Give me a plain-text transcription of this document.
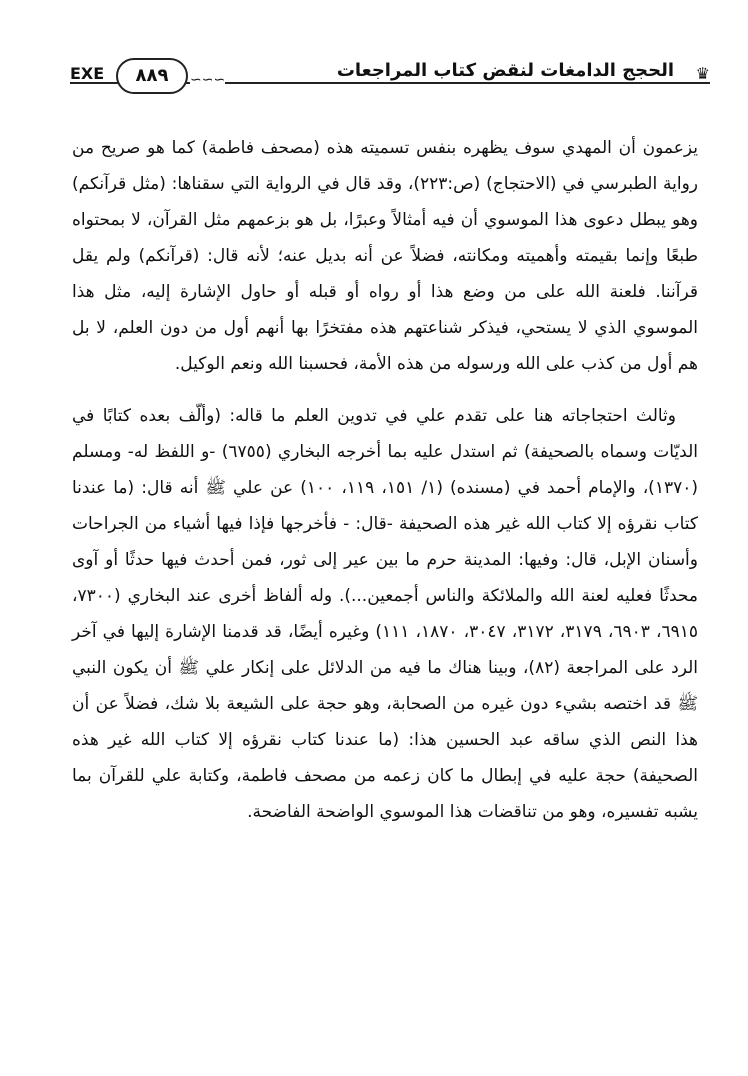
♛
الحجج الدامغات لنقض كتاب المراجعات
∽∽∽
٨٨٩
EXE

يزعمون أن المهدي سوف يظهره بنفس تسميته هذه (مصحف فاطمة) كما هو صريح من رواية الطبرسي في (الاحتجاج) (ص:٢٢٣)، وقد قال في الرواية التي سقناها: (مثل قرآنكم) وهو يبطل دعوى هذا الموسوي أن فيه أمثالاً وعبرًا، بل هو بزعمهم مثل القرآن، لا بمحتواه طبعًا وإنما بقيمته وأهميته ومكانته، فضلاً عن أنه بديل عنه؛ لأنه قال: (قرآنكم) ولم يقل قرآننا. فلعنة الله على من وضع هذا أو رواه أو قبله أو حاول الإشارة إليه، مثل هذا الموسوي الذي لا يستحي، فيذكر شناعتهم هذه مفتخرًا بها أنهم أول من دون العلم، لا بل هم أول من كذب على الله ورسوله من هذه الأمة، فحسبنا الله ونعم الوكيل.

وثالث احتجاجاته هنا على تقدم علي في تدوين العلم ما قاله: (وألّف بعده كتابًا في الديّات وسماه بالصحيفة) ثم استدل عليه بما أخرجه البخاري (٦٧٥٥) -و اللفظ له- ومسلم (١٣٧٠)، والإمام أحمد في (مسنده) (١/ ١٥١، ١١٩، ١٠٠) عن علي ﷺ أنه قال: (ما عندنا كتاب نقرؤه إلا كتاب الله غير هذه الصحيفة -قال: - فأخرجها فإذا فيها أشياء من الجراحات وأسنان الإبل، قال: وفيها: المدينة حرم ما بين عير إلى ثور، فمن أحدث فيها حدثًا أو آوى محدثًا فعليه لعنة الله والملائكة والناس أجمعين...). وله ألفاظ أخرى عند البخاري (٧٣٠٠، ٦٩١٥، ٦٩٠٣، ٣١٧٩، ٣١٧٢، ٣٠٤٧، ١٨٧٠، ١١١) وغيره أيضًا، قد قدمنا الإشارة إليها في آخر الرد على المراجعة (٨٢)، وبينا هناك ما فيه من الدلائل على إنكار علي ﷺ أن يكون النبي ﷺ قد اختصه بشيء دون غيره من الصحابة، وهو حجة على الشيعة بلا شك، فضلاً عن أن هذا النص الذي ساقه عبد الحسين هذا: (ما عندنا كتاب نقرؤه إلا كتاب الله غير هذه الصحيفة) حجة عليه في إبطال ما كان زعمه من مصحف فاطمة، وكتابة علي للقرآن بما يشبه تفسيره، وهو من تناقضات هذا الموسوي الواضحة الفاضحة.
